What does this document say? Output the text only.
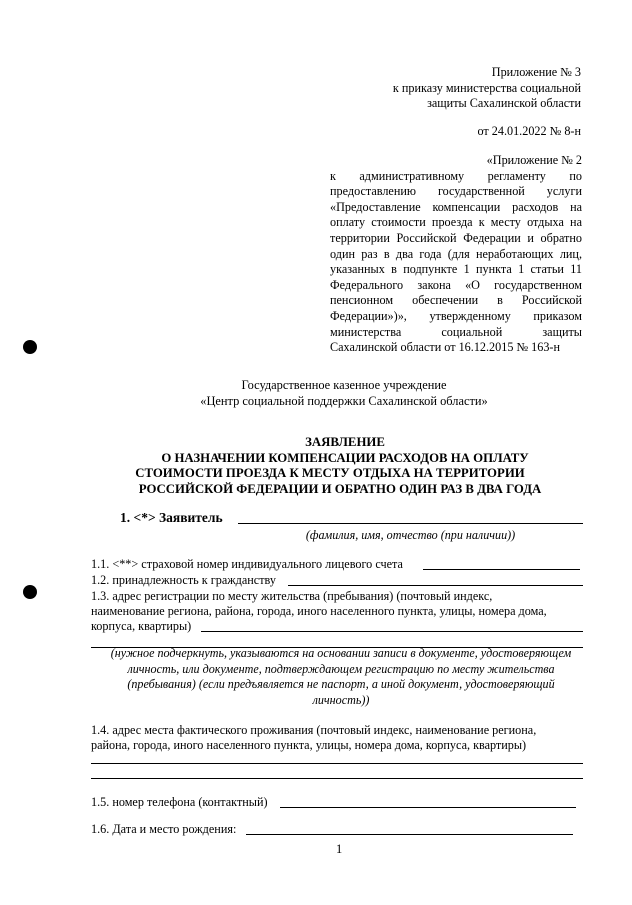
Приложение № 3
к приказу министерства социальной
защиты Сахалинской области
от 24.01.2022 № 8-н
«Приложение № 2
к административному регламенту по
предоставлению государственной услуги
«Предоставление компенсации расходов на
оплату стоимости проезда к месту отдыха на
территории Российской Федерации и обратно
один раз в два года (для неработающих лиц,
указанных в подпункте 1 пункта 1 статьи 11
Федерального закона «О государственном
пенсионном обеспечении в Российской
Федерации»)», утвержденному приказом
министерства социальной защиты
Сахалинской области от 16.12.2015 № 163-н
Государственное казенное учреждение
«Центр социальной поддержки Сахалинской области»
ЗАЯВЛЕНИЕ
О НАЗНАЧЕНИИ КОМПЕНСАЦИИ РАСХОДОВ НА ОПЛАТУ
СТОИМОСТИ ПРОЕЗДА К МЕСТУ ОТДЫХА НА ТЕРРИТОРИИ
РОССИЙСКОЙ ФЕДЕРАЦИИ И ОБРАТНО ОДИН РАЗ В ДВА ГОДА
1. <*> Заявитель
(фамилия, имя, отчество (при наличии))
1.1. <**> страховой номер индивидуального лицевого счета
1.2. принадлежность к гражданству
1.3. адрес регистрации по месту жительства (пребывания) (почтовый индекс,
наименование региона, района, города, иного населенного пункта, улицы, номера дома,
корпуса, квартиры)
(нужное подчеркнуть, указываются на основании записи в документе, удостоверяющем
личность, или документе, подтверждающем регистрацию по месту жительства
(пребывания) (если предъявляется не паспорт, а иной документ, удостоверяющий
личность))
1.4. адрес места фактического проживания (почтовый индекс, наименование региона,
района, города, иного населенного пункта, улицы, номера дома, корпуса, квартиры)
1.5. номер телефона (контактный)
1.6. Дата и место рождения:
1
